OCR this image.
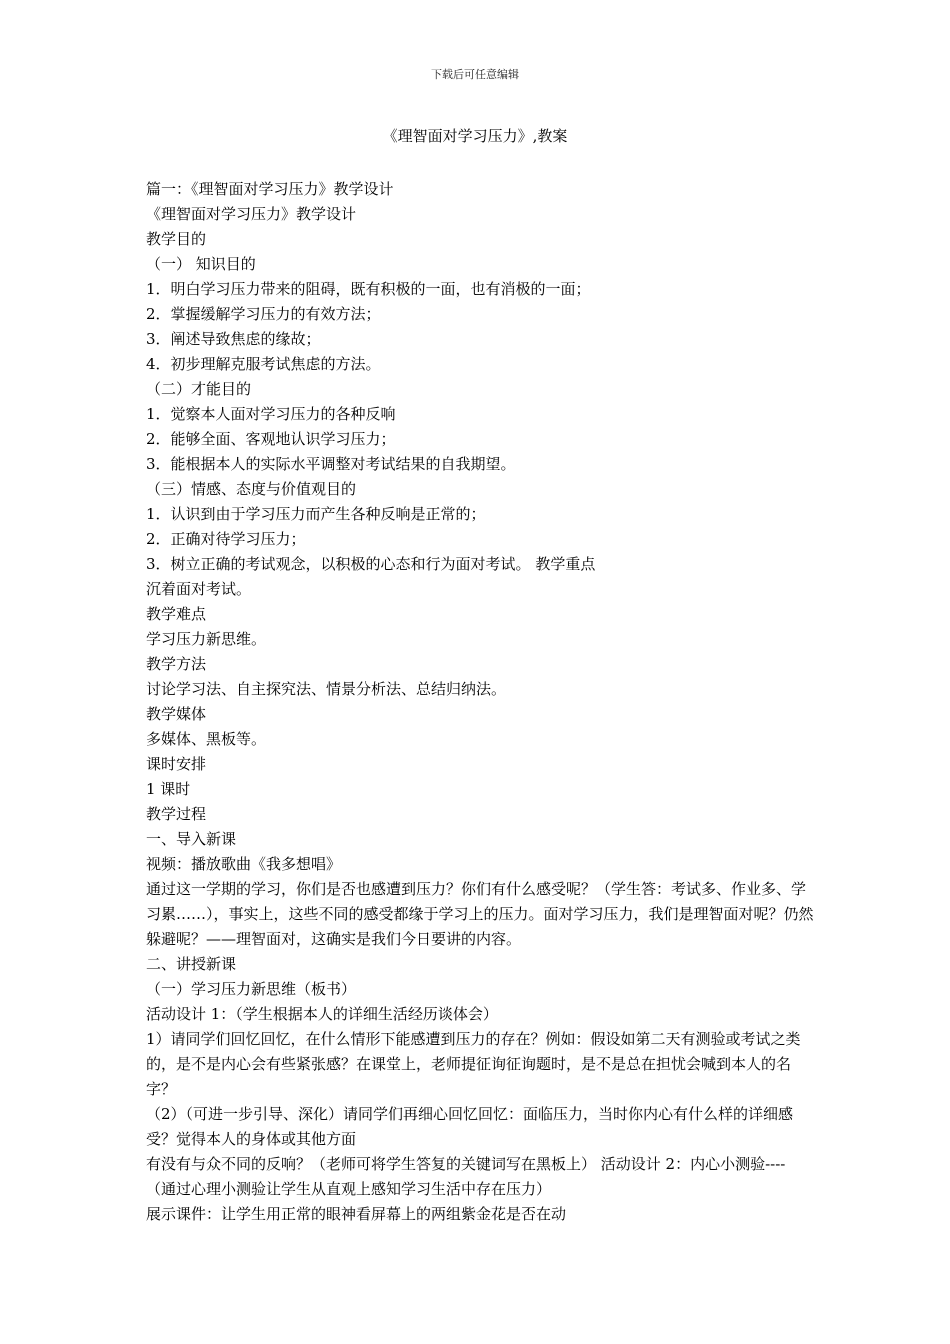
下载后可任意编辑
《理智面对学习压力》,教案

篇一：《理智面对学习压力》教学设计

《理智面对学习压力》教学设计

教学目的

（一） 知识目的

1．明白学习压力带来的阻碍，既有积极的一面，也有消极的一面；

2．掌握缓解学习压力的有效方法；

3．阐述导致焦虑的缘故；

4．初步理解克服考试焦虑的方法。

（二）才能目的

1．觉察本人面对学习压力的各种反响

2．能够全面、客观地认识学习压力；

3．能根据本人的实际水平调整对考试结果的自我期望。

（三）情感、态度与价值观目的

1．认识到由于学习压力而产生各种反响是正常的；

2．正确对待学习压力；

3．树立正确的考试观念，以积极的心态和行为面对考试。 教学重点

沉着面对考试。

教学难点

学习压力新思维。

教学方法

讨论学习法、自主探究法、情景分析法、总结归纳法。

教学媒体

多媒体、黑板等。

课时安排

1 课时

教学过程

一、导入新课

视频：播放歌曲《我多想唱》

通过这一学期的学习，你们是否也感遭到压力？你们有什么感受呢？（学生答：考试多、作业多、学习累……），事实上，这些不同的感受都缘于学习上的压力。面对学习压力，我们是理智面对呢？仍然躲避呢？——理智面对，这确实是我们今日要讲的内容。

二、讲授新课

（一）学习压力新思维（板书）

活动设计 1：（学生根据本人的详细生活经历谈体会）

1）请同学们回忆回忆，在什么情形下能感遭到压力的存在？例如：假设如第二天有测验或考试之类的，是不是内心会有些紧张感？在课堂上，老师提征询征询题时，是不是总在担忧会喊到本人的名字？

（2）（可进一步引导、深化）请同学们再细心回忆回忆：面临压力，当时你内心有什么样的详细感受？觉得本人的身体或其他方面

有没有与众不同的反响？（老师可将学生答复的关键词写在黑板上） 活动设计 2：内心小测验----（通过心理小测验让学生从直观上感知学习生活中存在压力）

展示课件：让学生用正常的眼神看屏幕上的两组紫金花是否在动
